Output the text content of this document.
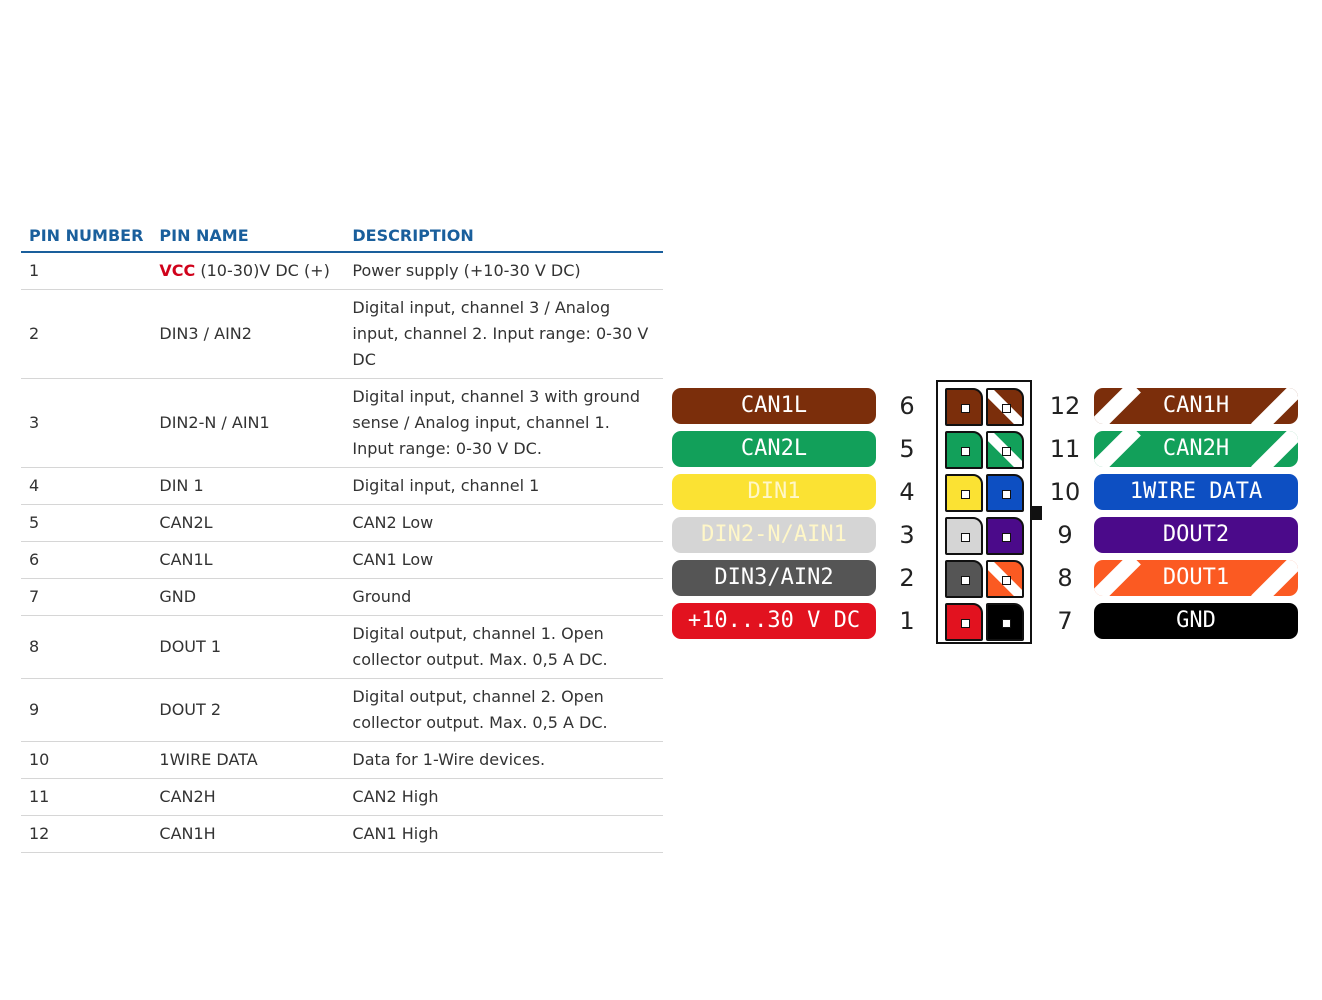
PIN NUMBER	PIN NAME	DESCRIPTION
1	VCC (10-30)V DC (+)	Power supply (+10-30 V DC)
2	DIN3 / AIN2	Digital input, channel 3 / Analog input, channel 2. Input range: 0-30 V DC
3	DIN2-N / AIN1	Digital input, channel 3 with ground sense / Analog input, channel 1. Input range: 0-30 V DC.
4	DIN 1	Digital input, channel 1
5	CAN2L	CAN2 Low
6	CAN1L	CAN1 Low
7	GND	Ground
8	DOUT 1	Digital output, channel 1. Open collector output. Max. 0,5 A DC.
9	DOUT 2	Digital output, channel 2. Open collector output. Max. 0,5 A DC.
10	1WIRE DATA	Data for 1-Wire devices.
11	CAN2H	CAN2 High
12	CAN1H	CAN1 High
CAN1L	6
CAN2L	5
DIN1	4
DIN2-N/AIN1	3
DIN3/AIN2	2
+10...30 V DC	1
CAN1H
12
CAN2H
11
1WIRE DATA
10
DOUT2
9
DOUT1
8
GND
7
